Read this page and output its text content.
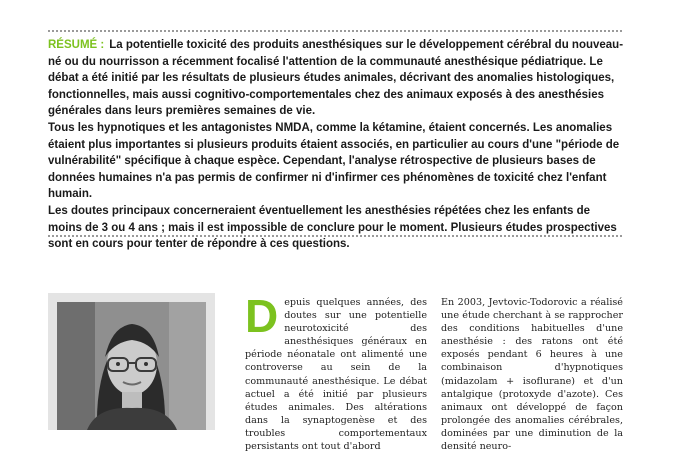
RÉSUMÉ : La potentielle toxicité des produits anesthésiques sur le développement cérébral du nouveau-né ou du nourrisson a récemment focalisé l'attention de la communauté anesthésique pédiatrique. Le débat a été initié par les résultats de plusieurs études animales, décrivant des anomalies histologiques, fonctionnelles, mais aussi cognitivo-comportementales chez des animaux exposés à des anesthésies générales dans leurs premières semaines de vie.

Tous les hypnotiques et les antagonistes NMDA, comme la kétamine, étaient concernés. Les anomalies étaient plus importantes si plusieurs produits étaient associés, en particulier au cours d'une "période de vulnérabilité" spécifique à chaque espèce. Cependant, l'analyse rétrospective de plusieurs bases de données humaines n'a pas permis de confirmer ni d'infirmer ces phénomènes de toxicité chez l'enfant humain.

Les doutes principaux concerneraient éventuellement les anesthésies répétées chez les enfants de moins de 3 ou 4 ans ; mais il est impossible de conclure pour le moment. Plusieurs études prospectives sont en cours pour tenter de répondre à ces questions.

Depuis quelques années, des doutes sur une potentielle neurotoxicité des anesthésiques généraux en période néonatale ont alimenté une controverse au sein de la communauté anesthésique. Le débat actuel a été initié par plusieurs études animales. Des altérations dans la synaptogenèse et des troubles comportementaux persistants ont tout d'abord
En 2003, Jevtovic-Todorovic a réalisé une étude cherchant à se rapprocher des conditions habituelles d'une anesthésie : des ratons ont été exposés pendant 6 heures à une combinaison d'hypnotiques (midazolam + isoflurane) et d'un antalgique (protoxyde d'azote). Ces animaux ont développé de façon prolongée des anomalies cérébrales, dominées par une diminution de la densité neuro-
